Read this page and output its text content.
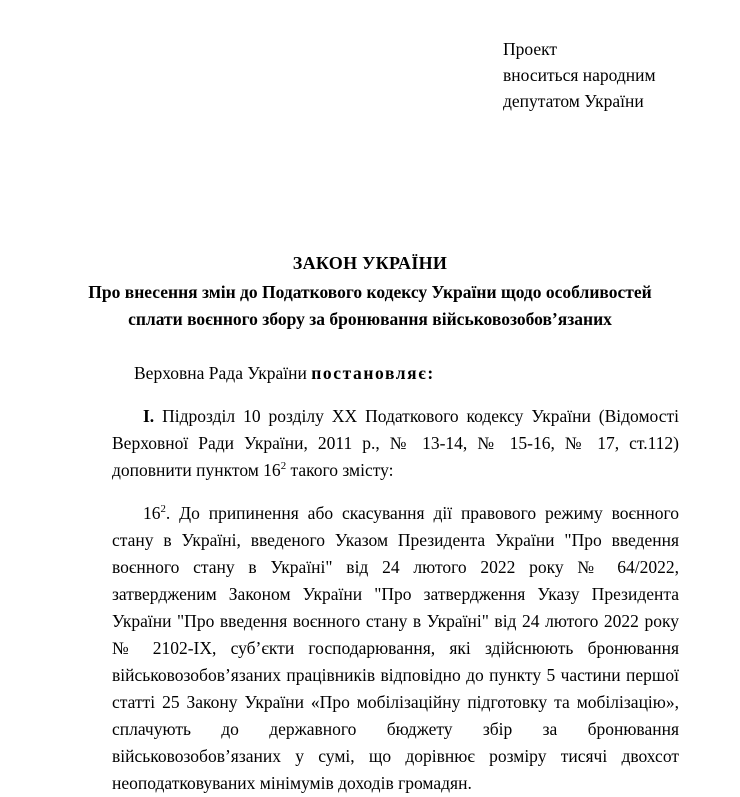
Проект
вноситься народним
депутатом України
ЗАКОН УКРАЇНИ
Про внесення змін до Податкового кодексу України щодо особливостей сплати воєнного збору за бронювання військовозобов’язаних

Верховна Рада України постановляє:

I. Підрозділ 10 розділу XX Податкового кодексу України (Відомості Верховної Ради України, 2011 р., № 13-14, № 15-16, № 17, ст.112) доповнити пунктом $16^2$ такого змісту:

$16^2$. До припинення або скасування дії правового режиму воєнного стану в Україні, введеного Указом Президента України "Про введення воєнного стану в Україні" від 24 лютого 2022 року № 64/2022, затвердженим Законом України "Про затвердження Указу Президента України "Про введення воєнного стану в Україні" від 24 лютого 2022 року № 2102-IX, суб’єкти господарювання, які здійснюють бронювання військовозобов’язаних працівників відповідно до пункту 5 частини першої статті 25 Закону України «Про мобілізаційну підготовку та мобілізацію», сплачують до державного бюджету збір за бронювання військовозобов’язаних у сумі, що дорівнює розміру тисячі двохсот неоподатковуваних мінімумів доходів громадян.
